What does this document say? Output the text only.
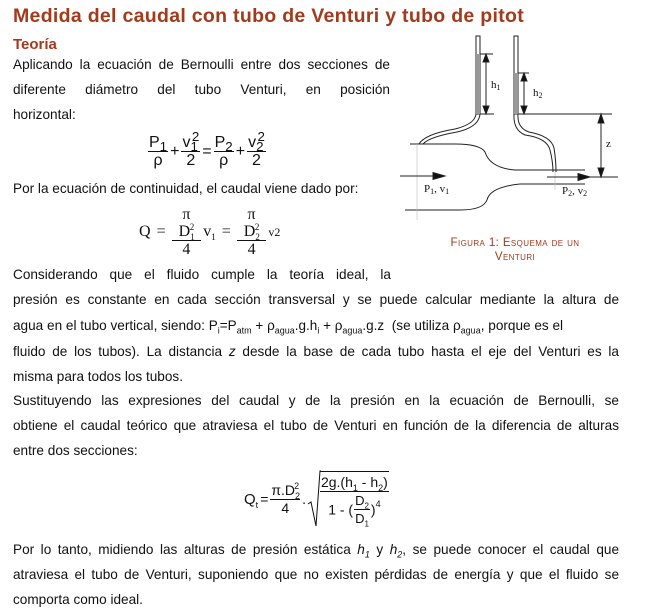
Medida del caudal con tubo de Venturi y tubo de pitot
Teoría
Aplicando la ecuación de Bernoulli entre dos secciones de
diferente diámetro del tubo Venturi, en posición
horizontal:
$\frac{P_1}{\rho} + \frac{v_1^2}{2} = \frac{P_2}{\rho} + \frac{v_2^2}{2}$
Por la ecuación de continuidad, el caudal viene dado por:
$Q = \frac{\pi D_1^2}{4} v_1 = \frac{\pi D_2^2}{4} v2$
h1	h2
z
P1, v1	P2, v2
Figura 1: Esquema de un
Venturi
Considerando que el fluido cumple la teoría ideal, la
presión es constante en cada sección transversal y se puede calcular mediante la altura de
agua en el tubo vertical, siendo: $P_i=P_{atm} + \rho_{agua}.g.h_i + \rho_{agua}.g.z$  (se utiliza $\rho_{agua}$, porque es el
fluido de los tubos). La distancia z desde la base de cada tubo hasta el eje del Venturi es la
misma para todos los tubos.
Sustituyendo las expresiones del caudal y de la presión en la ecuación de Bernoulli, se
obtiene el caudal teórico que atraviesa el tubo de Venturi en función de la diferencia de alturas
entre dos secciones:
$Q_t = \frac{\pi.D_2^2}{4}$ . $\frac{2g.(h_1 - h_2)}{1 - ( \frac{D_2}{D_1} )^4}$
Por lo tanto, midiendo las alturas de presión estática $h_1$ y $h_2$, se puede conocer el caudal que
atraviesa el tubo de Venturi, suponiendo que no existen pérdidas de energía y que el fluido se
comporta como ideal.
